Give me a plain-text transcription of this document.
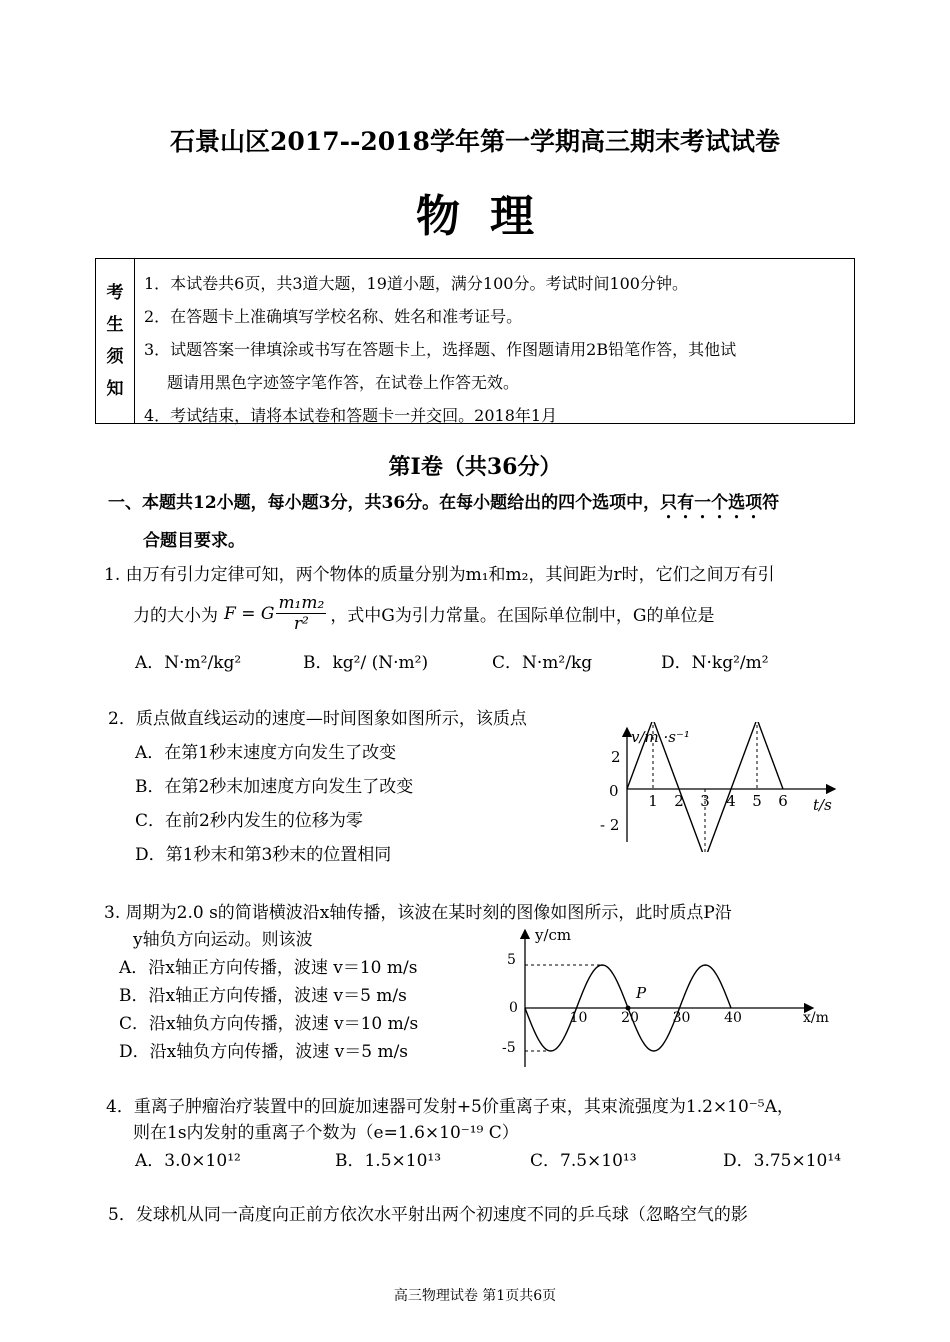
石景山区2017--2018学年第一学期高三期末考试试卷
物理
考
生
须
知
1．本试卷共6页，共3道大题，19道小题，满分100分。考试时间100分钟。
2．在答题卡上准确填写学校名称、姓名和准考证号。
3．试题答案一律填涂或书写在答题卡上，选择题、作图题请用2B铅笔作答，其他试
题请用黑色字迹签字笔作答，在试卷上作答无效。
4．考试结束，请将本试卷和答题卡一并交回。2018年1月
第Ⅰ卷（共36分）
一、本题共12小题，每小题3分，共36分。在每小题给出的四个选项中，只有一个选项符
合题目要求。
1. 由万有引力定律可知，两个物体的质量分别为m₁和m₂，其间距为r时，它们之间万有引
力的大小为 F = G $\frac{\text{m₁m₂}}{\text{r²}}$ ，式中G为引力常量。在国际单位制中，G的单位是
A．N·m²/kg²	B．kg²/ (N·m²)	C．N·m²/kg	D．N·kg²/m²
2．质点做直线运动的速度—时间图象如图所示，该质点
A．在第1秒末速度方向发生了改变
B．在第2秒末加速度方向发生了改变
C．在前2秒内发生的位移为零
D．第1秒末和第3秒末的位置相同
v/m ·s⁻¹
t/s
0
2
- 2
1 2 3 4 5 6
3. 周期为2.0 s的简谐横波沿x轴传播，该波在某时刻的图像如图所示，此时质点P沿
y轴负方向运动。则该波
A．沿x轴正方向传播，波速 v＝10 m/s
B．沿x轴正方向传播，波速 v＝5 m/s
C．沿x轴负方向传播，波速 v＝10 m/s
D．沿x轴负方向传播，波速 v＝5 m/s
y/cm
x/m
0
5
-5
10 20 30 40
P
4．重离子肿瘤治疗装置中的回旋加速器可发射+5价重离子束，其束流强度为1.2×10⁻⁵A，
则在1s内发射的重离子个数为（e=1.6×10⁻¹⁹ C）
A．3.0×10¹²	B．1.5×10¹³	C．7.5×10¹³	D．3.75×10¹⁴
5．发球机从同一高度向正前方依次水平射出两个初速度不同的乒乓球（忽略空气的影
高三物理试卷 第1页共6页
